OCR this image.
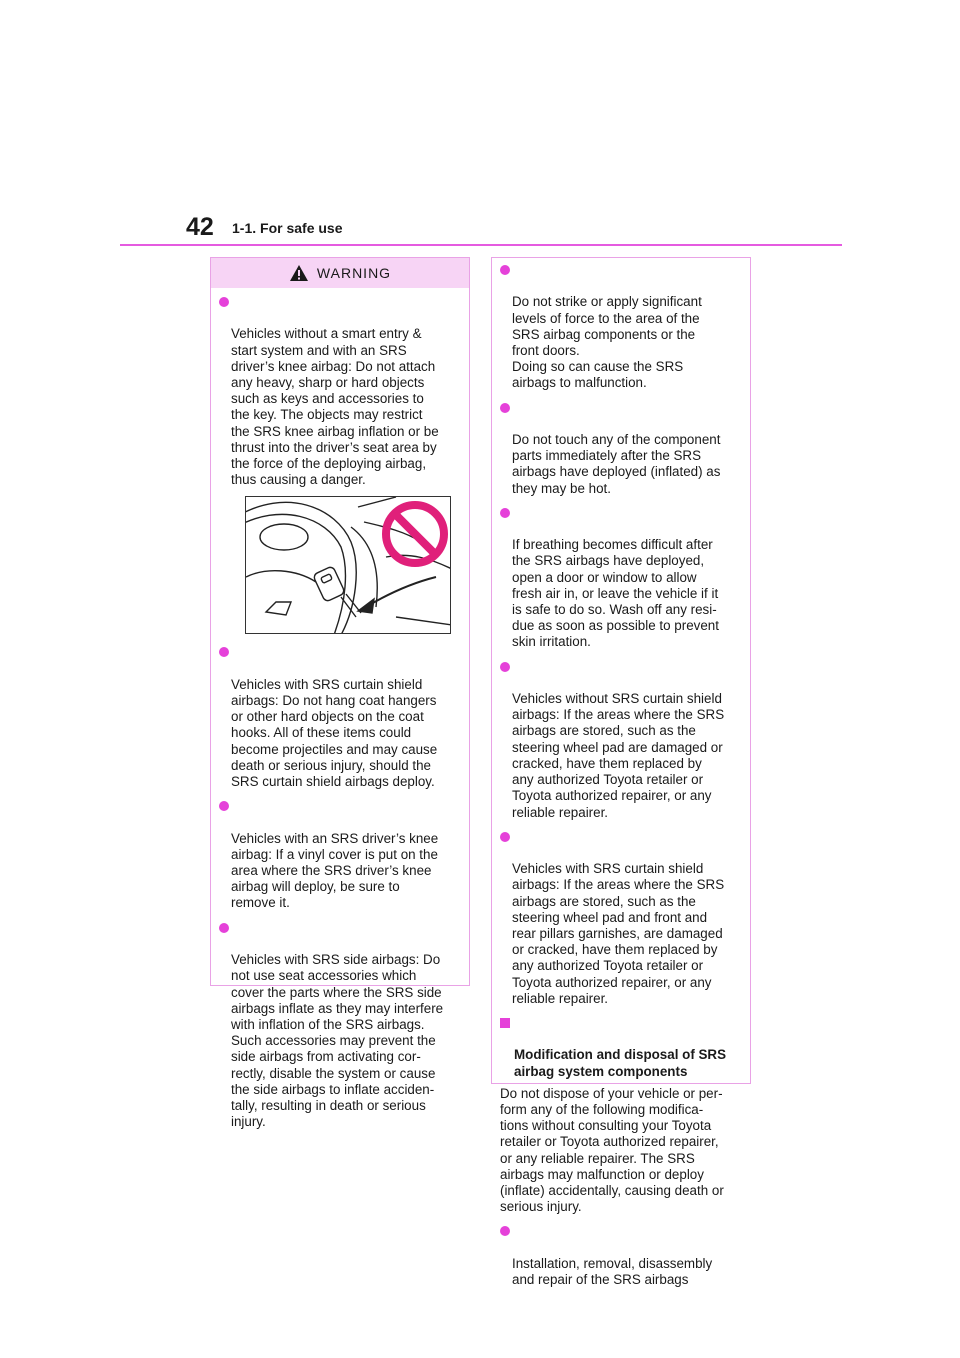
42 1-1. For safe use
WARNING

Vehicles without a smart entry &
start system and with an SRS
driver’s knee airbag: Do not attach
any heavy, sharp or hard objects
such as keys and accessories to
the key. The objects may restrict
the SRS knee airbag inflation or be
thrust into the driver’s seat area by
the force of the deploying airbag,
thus causing a danger.

Vehicles with SRS curtain shield
airbags: Do not hang coat hangers
or other hard objects on the coat
hooks. All of these items could
become projectiles and may cause
death or serious injury, should the
SRS curtain shield airbags deploy.

Vehicles with an SRS driver’s knee
airbag: If a vinyl cover is put on the
area where the SRS driver’s knee
airbag will deploy, be sure to
remove it.

Vehicles with SRS side airbags: Do
not use seat accessories which
cover the parts where the SRS side
airbags inflate as they may interfere
with inflation of the SRS airbags.
Such accessories may prevent the
side airbags from activating cor-
rectly, disable the system or cause
the side airbags to inflate acciden-
tally, resulting in death or serious
injury.

Do not strike or apply significant
levels of force to the area of the
SRS airbag components or the
front doors.
Doing so can cause the SRS
airbags to malfunction.

Do not touch any of the component
parts immediately after the SRS
airbags have deployed (inflated) as
they may be hot.

If breathing becomes difficult after
the SRS airbags have deployed,
open a door or window to allow
fresh air in, or leave the vehicle if it
is safe to do so. Wash off any resi-
due as soon as possible to prevent
skin irritation.

Vehicles without SRS curtain shield
airbags: If the areas where the SRS
airbags are stored, such as the
steering wheel pad are damaged or
cracked, have them replaced by
any authorized Toyota retailer or
Toyota authorized repairer, or any
reliable repairer.

Vehicles with SRS curtain shield
airbags: If the areas where the SRS
airbags are stored, such as the
steering wheel pad and front and
rear pillars garnishes, are damaged
or cracked, have them replaced by
any authorized Toyota retailer or
Toyota authorized repairer, or any
reliable repairer.

Modification and disposal of SRS
airbag system components

Do not dispose of your vehicle or per-
form any of the following modifica-
tions without consulting your Toyota
retailer or Toyota authorized repairer,
or any reliable repairer. The SRS
airbags may malfunction or deploy
(inflate) accidentally, causing death or
serious injury.

Installation, removal, disassembly
and repair of the SRS airbags
